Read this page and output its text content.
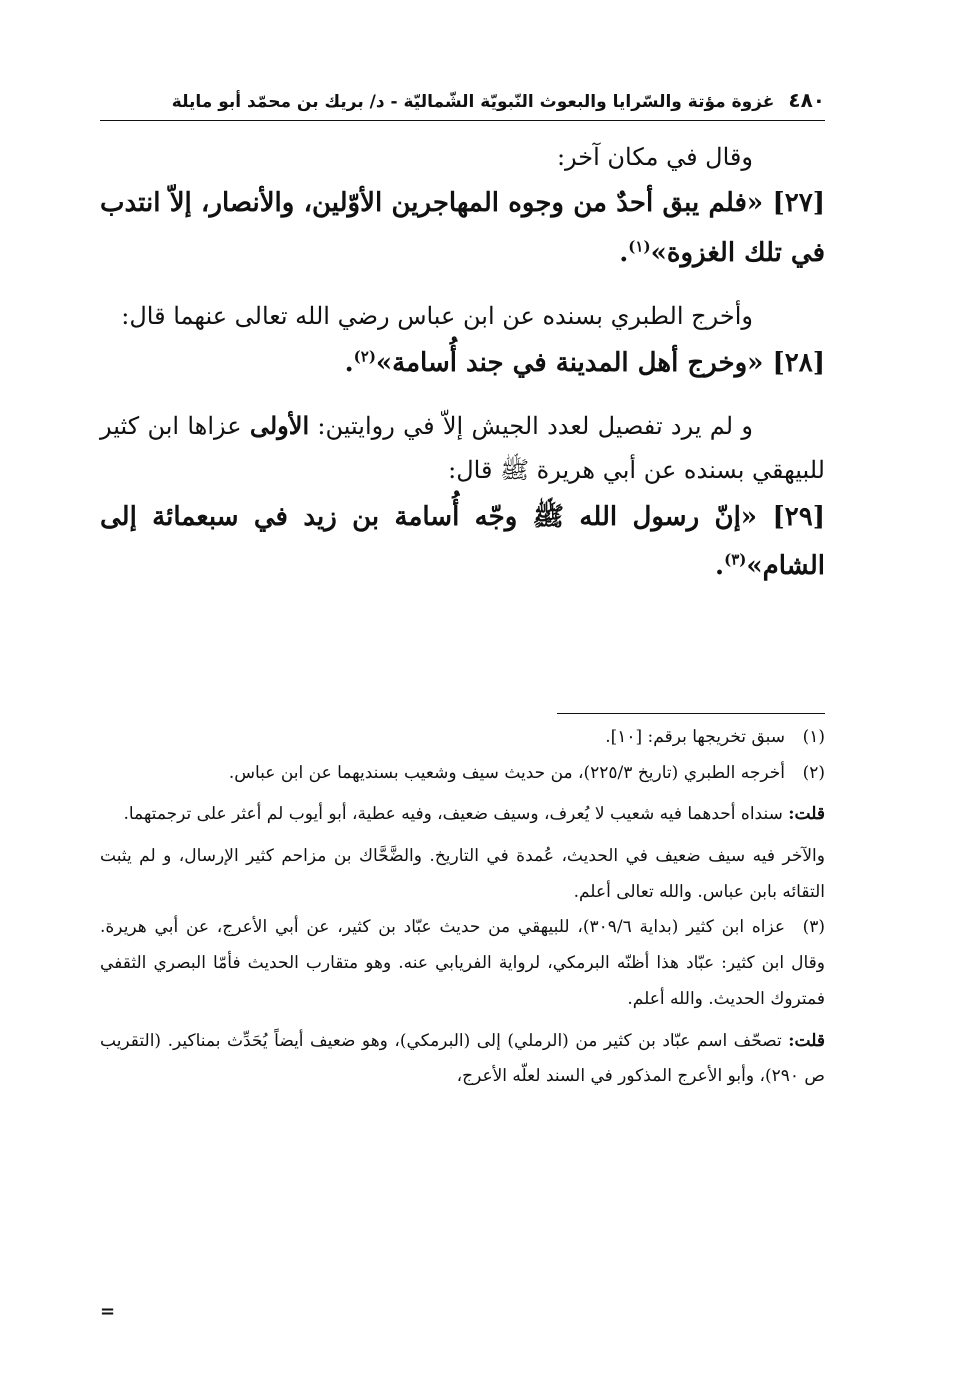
٤٨٠
غزوة مؤتة والسّرايا والبعوث النّبويّة الشّماليّة - د/ بريك بن محمّد أبو مايلة

وقال في مكان آخر:

[٢٧] «فلم يبق أحدٌ من وجوه المهاجرين الأوّلين، والأنصار، إلاّ انتدب في تلك الغزوة»$^{(١)}$.

وأخرج الطبري بسنده عن ابن عباس رضي الله تعالى عنهما قال:

[٢٨] «وخرج أهل المدينة في جند أُسامة»$^{(٢)}$.

و لم يرد تفصيل لعدد الجيش إلاّ في روايتين: الأولى عزاها ابن كثير للبيهقي بسنده عن أبي هريرة ﷺ قال:

[٢٩] «إنّ رسول الله ﷺ وجّه أُسامة بن زيد في سبعمائة إلى الشام»$^{(٣)}$.

(١)سبق تخريجها برقم: [١٠].

(٢)أخرجه الطبري (تاريخ ٢٢٥/٣)، من حديث سيف وشعيب بسنديهما عن ابن عباس.

قلت: سنداه أحدهما فيه شعيب لا يُعرف، وسيف ضعيف، وفيه عطية، أبو أيوب لم أعثر على ترجمتهما.

والآخر فيه سيف ضعيف في الحديث، عُمدة في التاريخ. والضَّحَّاك بن مزاحم كثير الإرسال، و لم يثبت التقائه بابن عباس. والله تعالى أعلم.

(٣)عزاه ابن كثير (بداية ٣٠٩/٦)، للبيهقي من حديث عبّاد بن كثير، عن أبي الأعرج، عن أبي هريرة. وقال ابن كثير: عبّاد هذا أظنّه البرمكي، لرواية الفريابي عنه. وهو متقارب الحديث فأمّا البصري الثقفي فمتروك الحديث. والله أعلم.

قلت: تصحّف اسم عبّاد بن كثير من (الرملي) إلى (البرمكي)، وهو ضعيف أيضاً يُحَدِّث بمناكير. (التقريب ص ٢٩٠)، وأبو الأعرج المذكور في السند لعلّه الأعرج،

=
